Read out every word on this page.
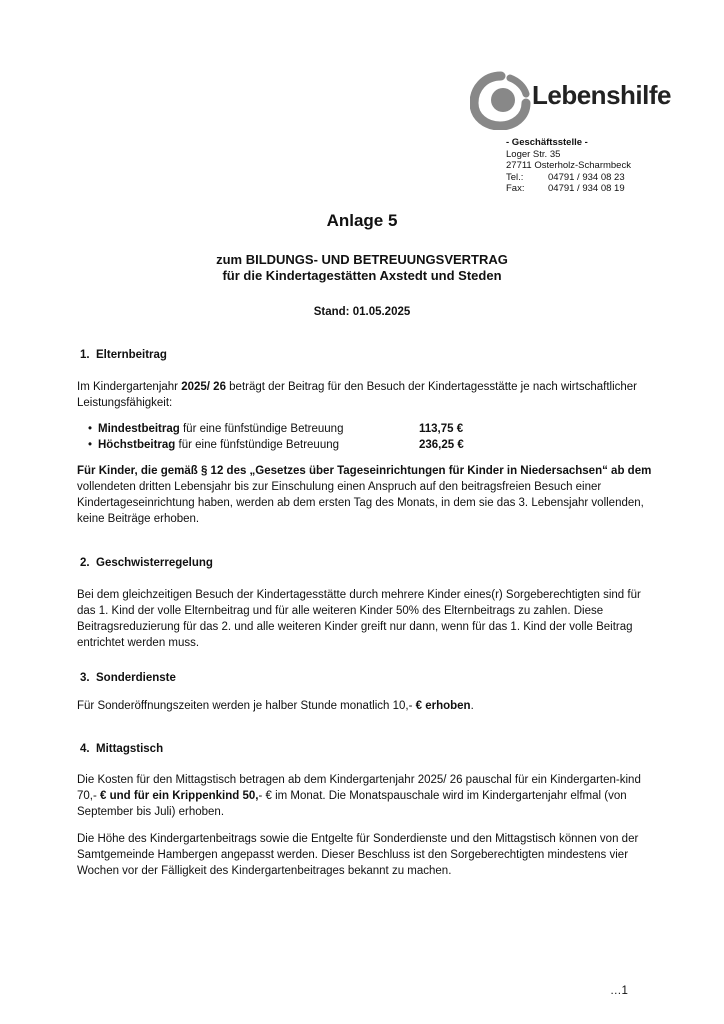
Lebenshilfe
- Geschäftsstelle -
Loger Str. 35
27711 Osterholz-Scharmbeck
Tel.:	04791 / 934 08 23
Fax: 04791 / 934 08 19
Anlage 5
zum BILDUNGS- UND BETREUUNGSVERTRAG
für die Kindertagestätten Axstedt und Steden
Stand: 01.05.2025
1. Elternbeitrag
Im Kindergartenjahr 2025/ 26 beträgt der Beitrag für den Besuch der Kindertagesstätte je nach wirtschaftlicher Leistungsfähigkeit:
• Mindestbeitrag für eine fünfstündige Betreuung	113,75 €
• Höchstbeitrag für eine fünfstündige Betreuung	236,25 €
Für Kinder, die gemäß § 12 des „Gesetzes über Tageseinrichtungen für Kinder in Niedersachsen“ ab dem vollendeten dritten Lebensjahr bis zur Einschulung einen Anspruch auf den beitragsfreien Besuch einer Kindertageseinrichtung haben, werden ab dem ersten Tag des Monats, in dem sie das 3. Lebensjahr vollenden, keine Beiträge erhoben.
2. Geschwisterregelung
Bei dem gleichzeitigen Besuch der Kindertagesstätte durch mehrere Kinder eines(r) Sorgeberechtigten sind für das 1. Kind der volle Elternbeitrag und für alle weiteren Kinder 50% des Elternbeitrags zu zahlen. Diese Beitragsreduzierung für das 2. und alle weiteren Kinder greift nur dann, wenn für das 1. Kind der volle Beitrag entrichtet werden muss.
3. Sonderdienste
Für Sonderöffnungszeiten werden je halber Stunde monatlich 10,- € erhoben.
4. Mittagstisch
Die Kosten für den Mittagstisch betragen ab dem Kindergartenjahr 2025/ 26 pauschal für ein Kindergarten-kind 70,- € und für ein Krippenkind 50,- € im Monat. Die Monatspauschale wird im Kindergartenjahr elfmal (von September bis Juli) erhoben.
Die Höhe des Kindergartenbeitrags sowie die Entgelte für Sonderdienste und den Mittagstisch können von der Samtgemeinde Hambergen angepasst werden. Dieser Beschluss ist den Sorgeberechtigten mindestens vier Wochen vor der Fälligkeit des Kindergartenbeitrages bekannt zu machen.
…1
